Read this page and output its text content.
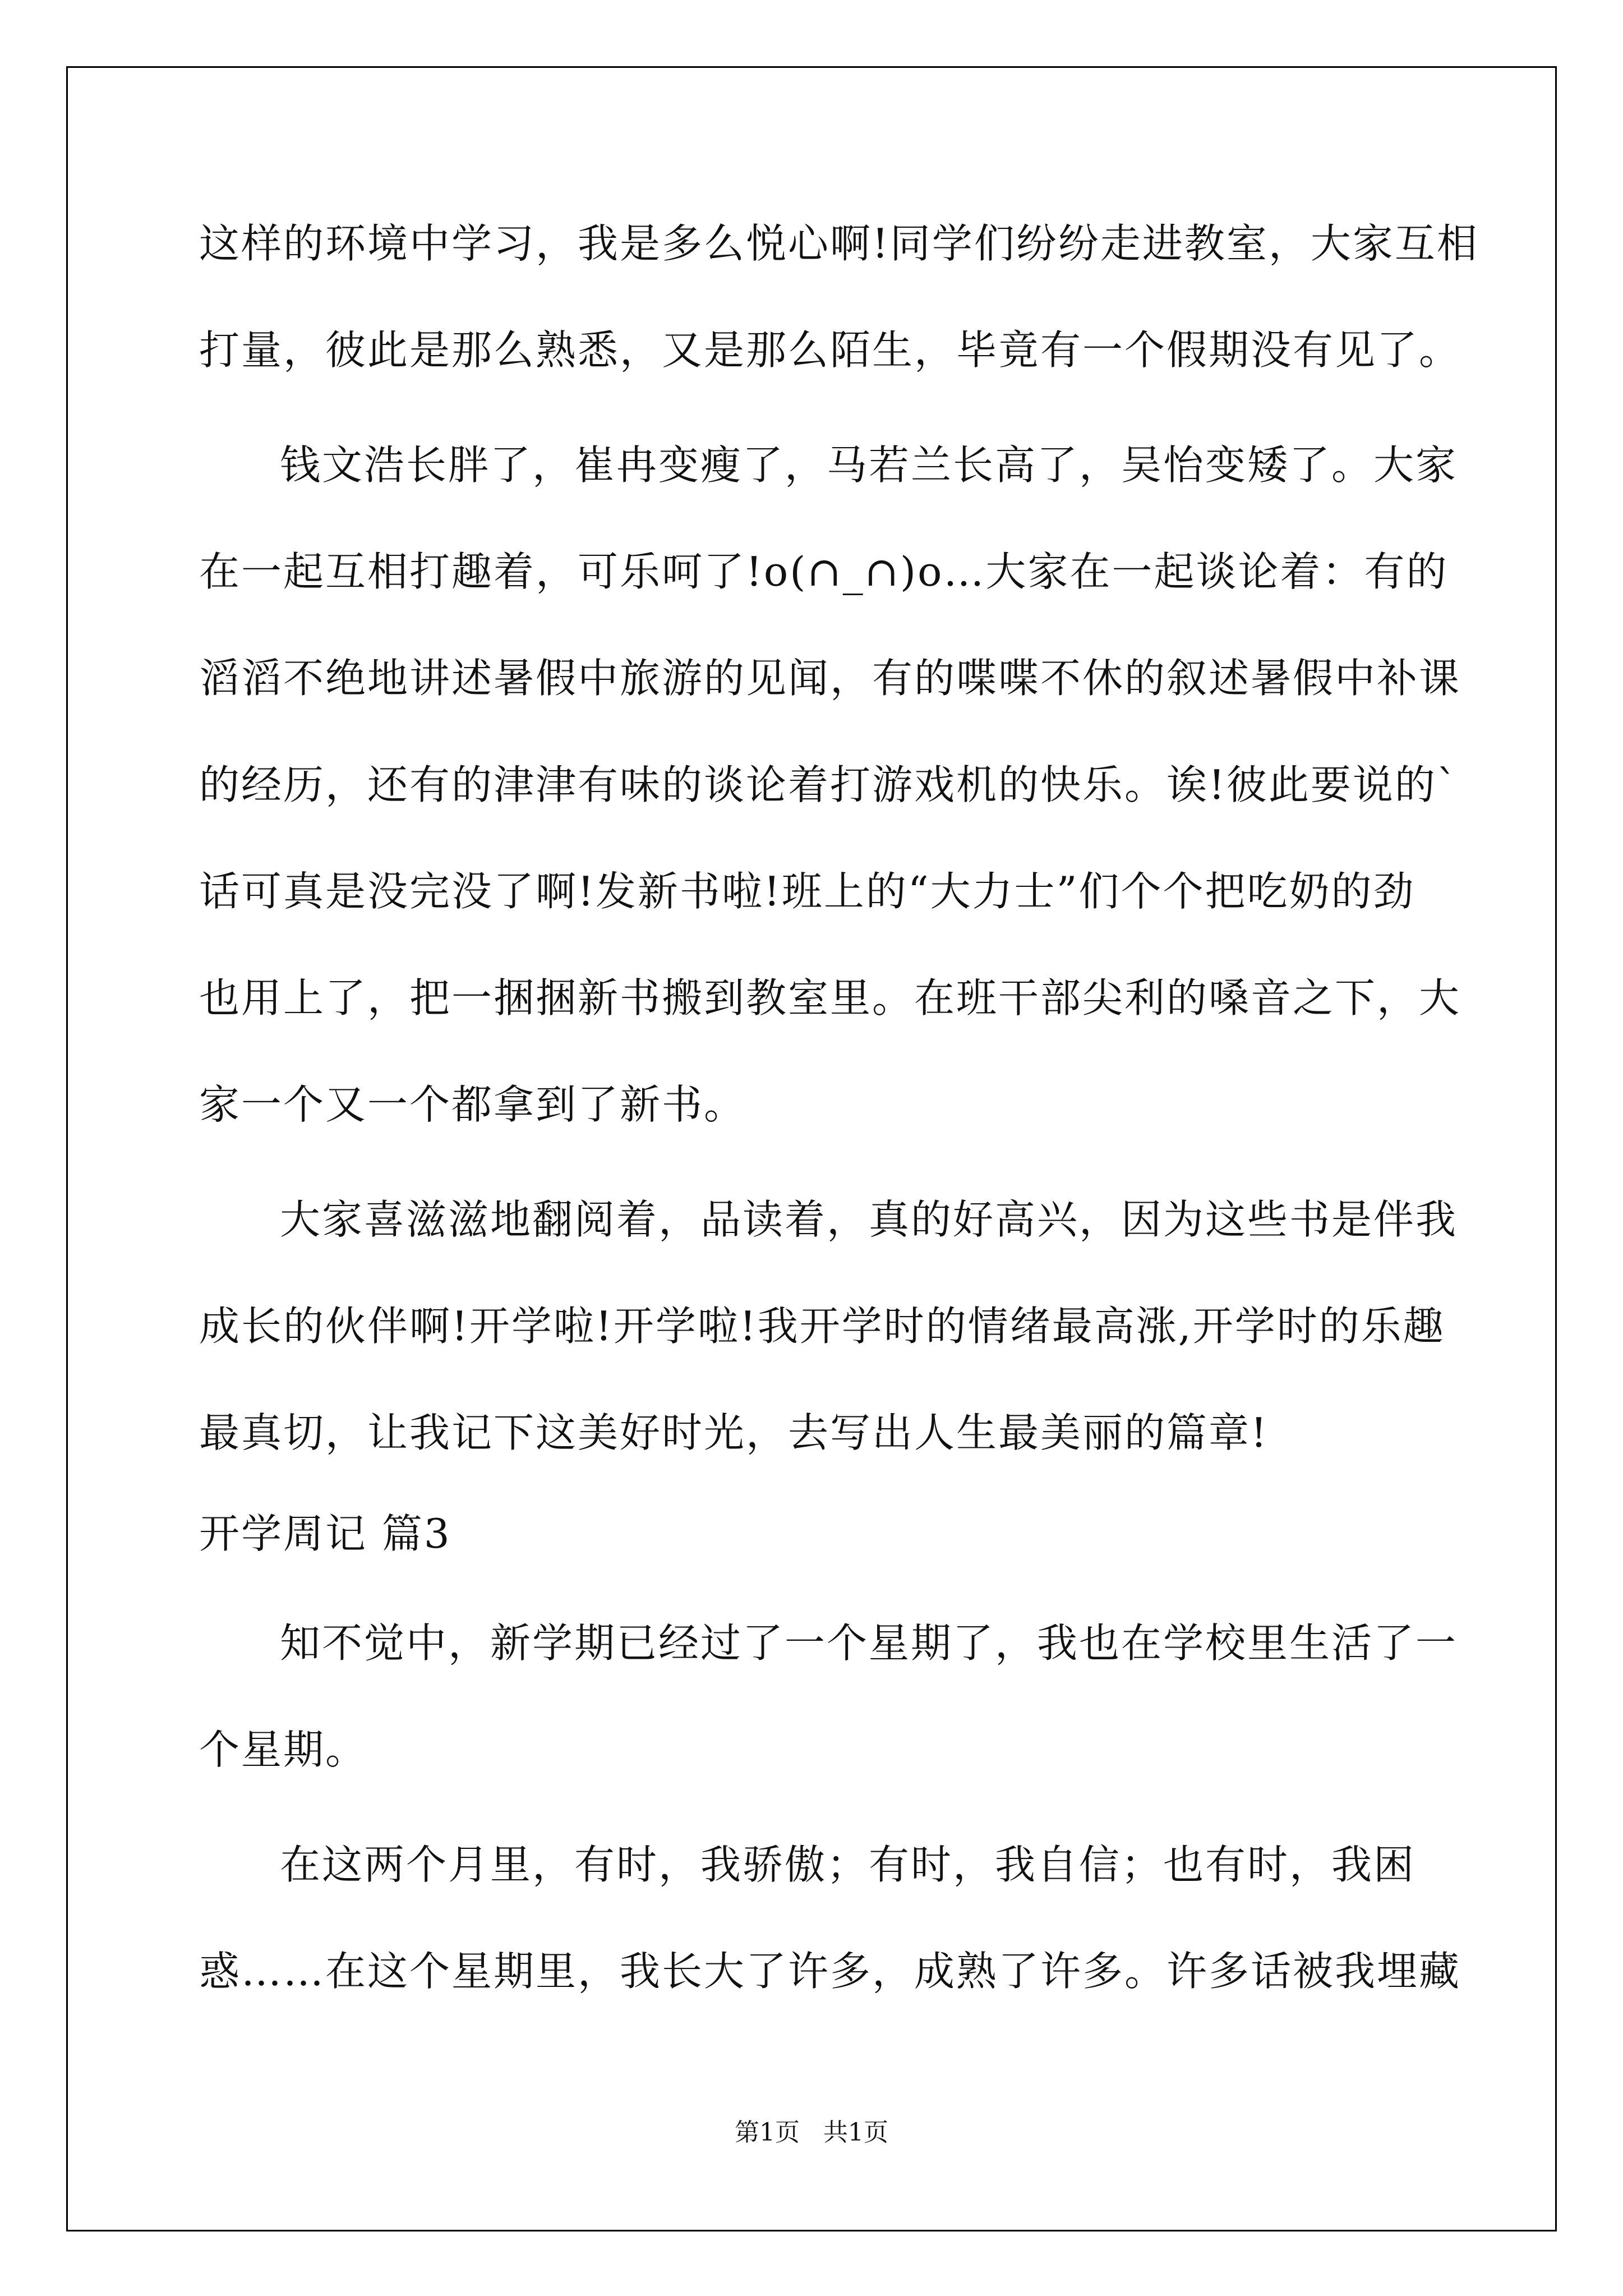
这样的环境中学习，我是多么悦心啊!同学们纷纷走进教室，大家互相
打量，彼此是那么熟悉，又是那么陌生，毕竟有一个假期没有见了。
钱文浩长胖了，崔冉变瘦了，马若兰长高了，吴怡变矮了。大家
在一起互相打趣着，可乐呵了!o(∩_∩)o…大家在一起谈论着：有的
滔滔不绝地讲述暑假中旅游的见闻，有的喋喋不休的叙述暑假中补课
的经历，还有的津津有味的谈论着打游戏机的快乐。诶!彼此要说的`
话可真是没完没了啊!发新书啦!班上的“大力士”们个个把吃奶的劲
也用上了，把一捆捆新书搬到教室里。在班干部尖利的嗓音之下，大
家一个又一个都拿到了新书。
大家喜滋滋地翻阅着，品读着，真的好高兴，因为这些书是伴我
成长的伙伴啊!开学啦!开学啦!我开学时的情绪最高涨,开学时的乐趣
最真切，让我记下这美好时光，去写出人生最美丽的篇章!
开学周记 篇3
知不觉中，新学期已经过了一个星期了，我也在学校里生活了一
个星期。
在这两个月里，有时，我骄傲；有时，我自信；也有时，我困
惑……在这个星期里，我长大了许多，成熟了许多。许多话被我埋藏
第1页   共1页
